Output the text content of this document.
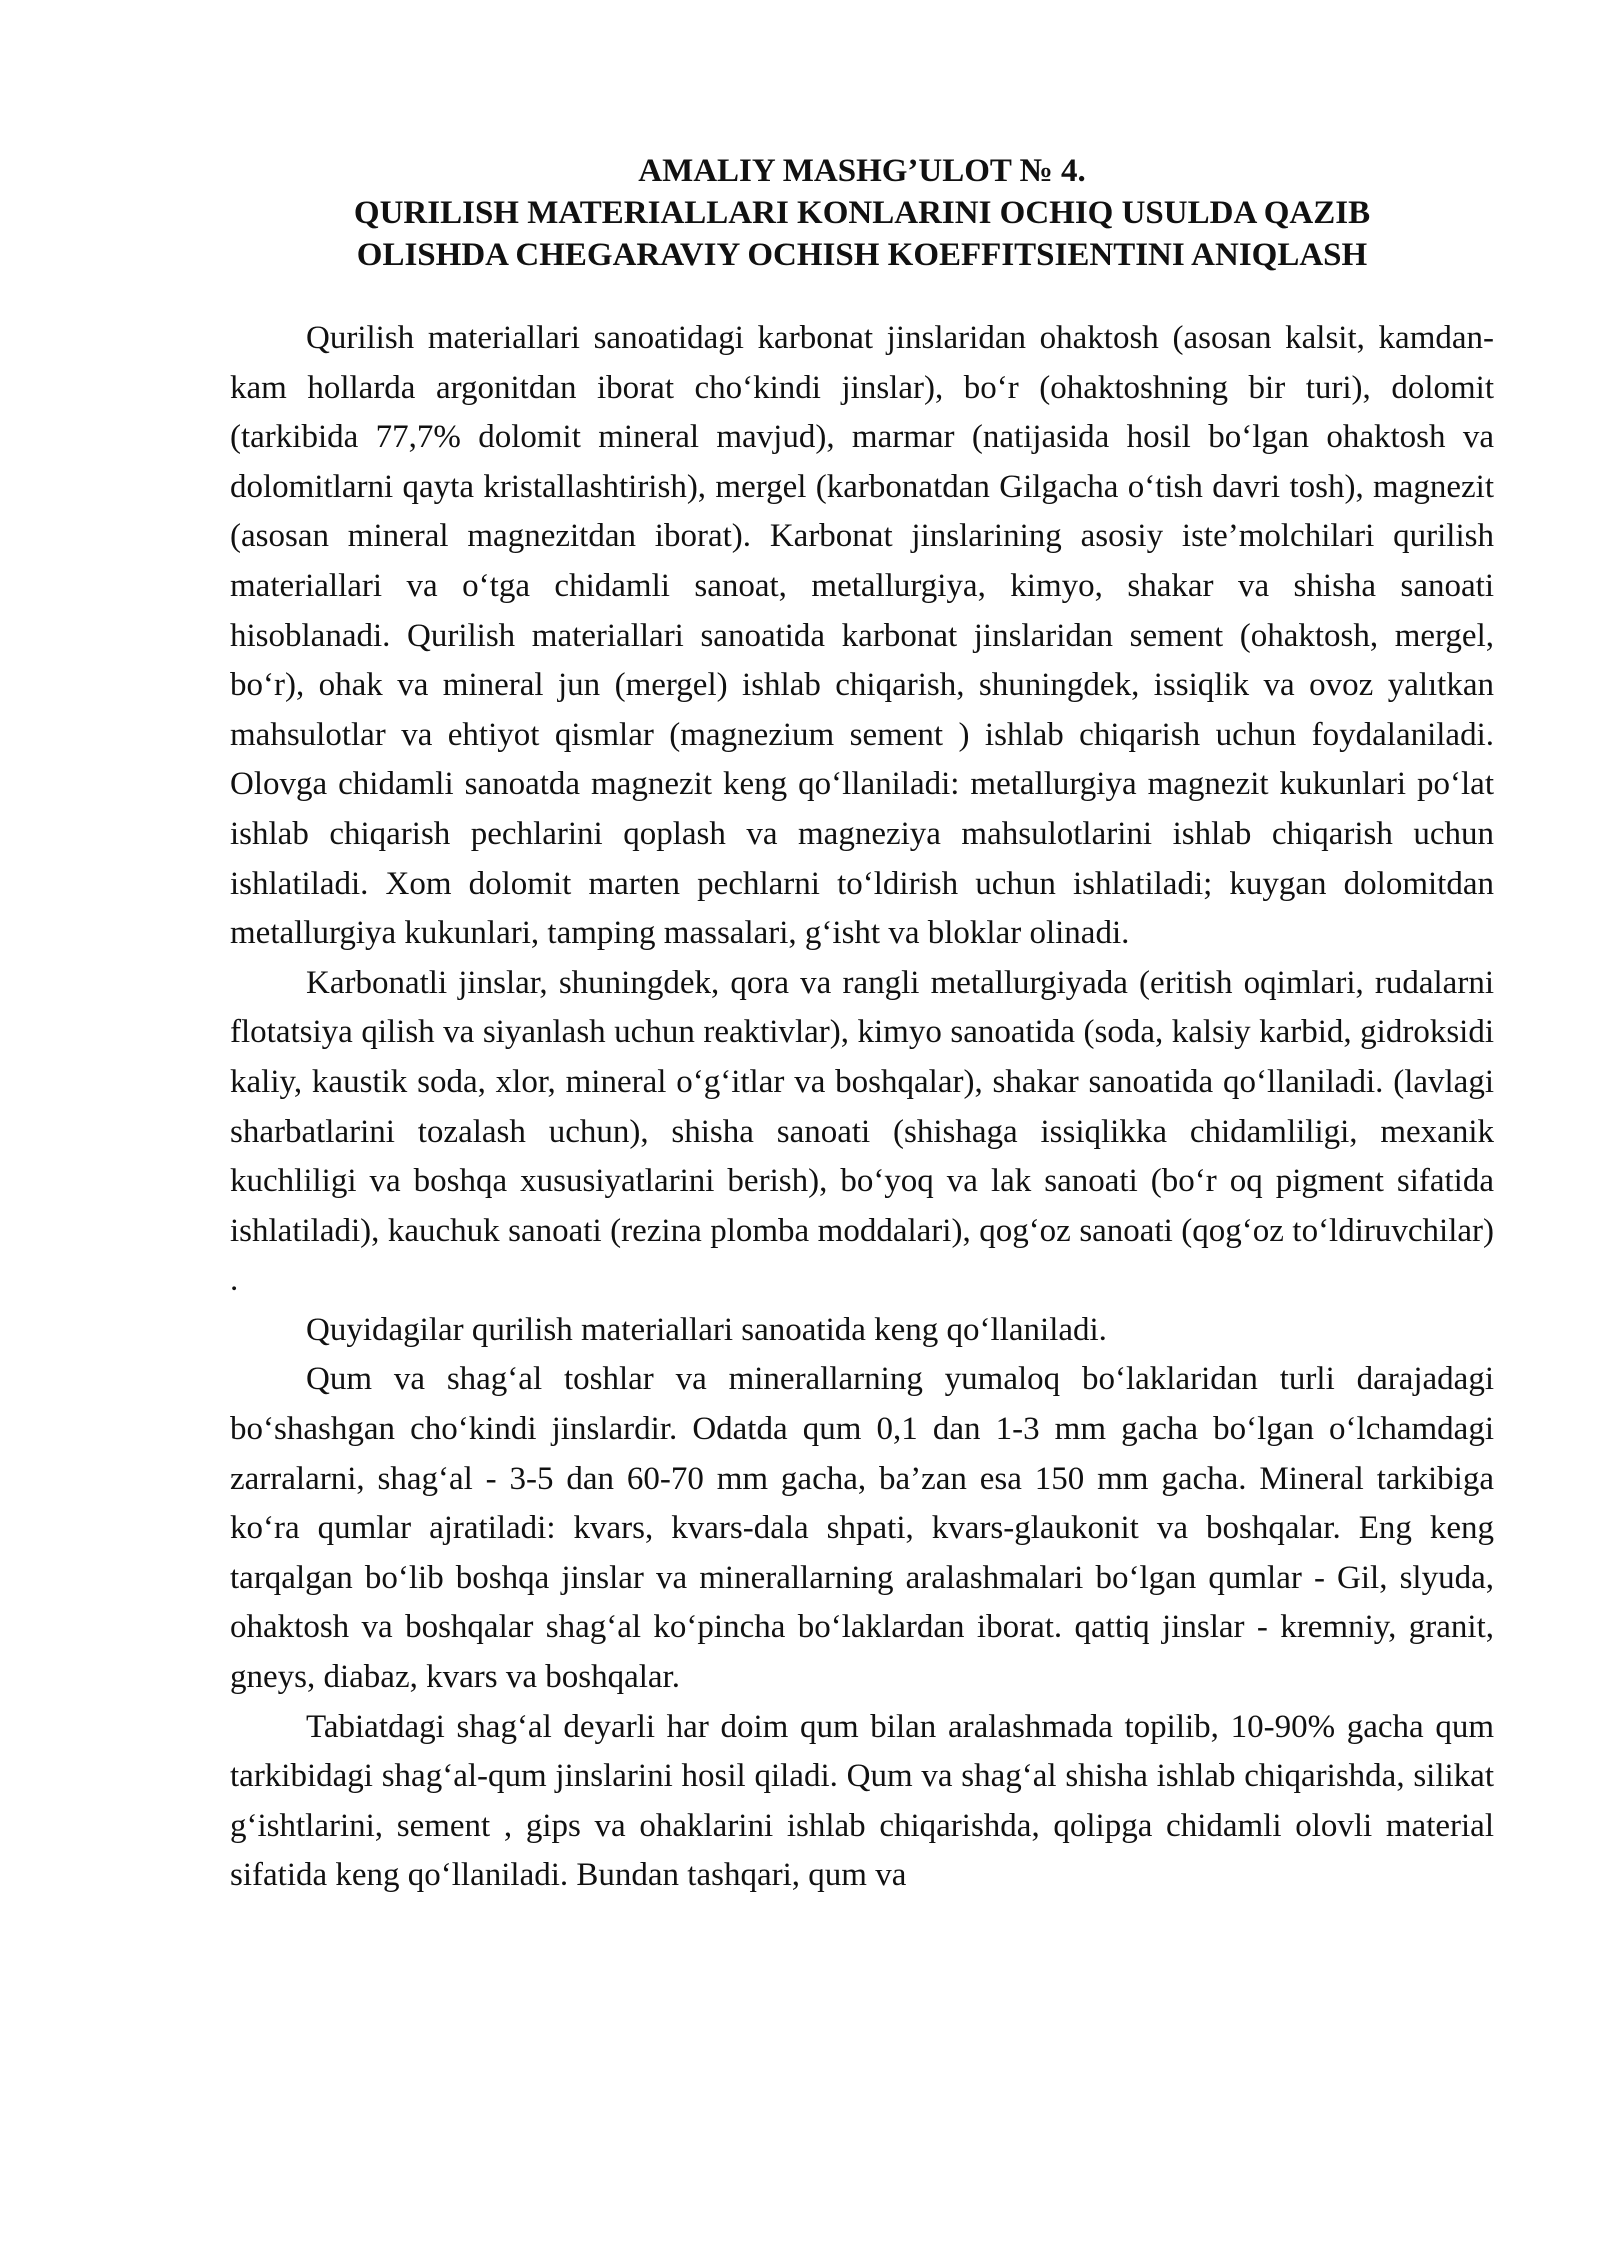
AMALIY MASHG’ULOT № 4.
QURILISH MATERIALLARI KONLARINI OCHIQ USULDA QAZIB
OLISHDA CHEGARAVIY OCHISH KOEFFITSIENTINI ANIQLASH

Qurilish materiallari sanoatidagi karbonat jinslaridan ohaktosh (asosan kalsit, kamdan-kam hollarda argonitdan iborat cho‘kindi jinslar), bo‘r (ohaktoshning bir turi), dolomit (tarkibida 77,7% dolomit mineral mavjud), marmar (natijasida hosil bo‘lgan ohaktosh va dolomitlarni qayta kristallashtirish), mergel (karbonatdan Gilgacha o‘tish davri tosh), magnezit (asosan mineral magnezitdan iborat). Karbonat jinslarining asosiy iste’molchilari qurilish materiallari va o‘tga chidamli sanoat, metallurgiya, kimyo, shakar va shisha sanoati hisoblanadi. Qurilish materiallari sanoatida karbonat jinslaridan sement (ohaktosh, mergel, bo‘r), ohak va mineral jun (mergel) ishlab chiqarish, shuningdek, issiqlik va ovoz yalıtkan mahsulotlar va ehtiyot qismlar (magnezium sement ) ishlab chiqarish uchun foydalaniladi. Olovga chidamli sanoatda magnezit keng qo‘llaniladi: metallurgiya magnezit kukunlari po‘lat ishlab chiqarish pechlarini qoplash va magneziya mahsulotlarini ishlab chiqarish uchun ishlatiladi. Xom dolomit marten pechlarni to‘ldirish uchun ishlatiladi; kuygan dolomitdan metallurgiya kukunlari, tamping massalari, g‘isht va bloklar olinadi.

Karbonatli jinslar, shuningdek, qora va rangli metallurgiyada (eritish oqimlari, rudalarni flotatsiya qilish va siyanlash uchun reaktivlar), kimyo sanoatida (soda, kalsiy karbid, gidroksidi kaliy, kaustik soda, xlor, mineral o‘g‘itlar va boshqalar), shakar sanoatida qo‘llaniladi. (lavlagi sharbatlarini tozalash uchun), shisha sanoati (shishaga issiqlikka chidamliligi, mexanik kuchliligi va boshqa xususiyatlarini berish), bo‘yoq va lak sanoati (bo‘r oq pigment sifatida ishlatiladi), kauchuk sanoati (rezina plomba moddalari), qog‘oz sanoati (qog‘oz to‘ldiruvchilar) .

Quyidagilar qurilish materiallari sanoatida keng qo‘llaniladi.

Qum va shag‘al toshlar va minerallarning yumaloq bo‘laklaridan turli darajadagi bo‘shashgan cho‘kindi jinslardir. Odatda qum 0,1 dan 1-3 mm gacha bo‘lgan o‘lchamdagi zarralarni, shag‘al - 3-5 dan 60-70 mm gacha, ba’zan esa 150 mm gacha. Mineral tarkibiga ko‘ra qumlar ajratiladi: kvars, kvars-dala shpati, kvars-glaukonit va boshqalar. Eng keng tarqalgan bo‘lib boshqa jinslar va minerallarning aralashmalari bo‘lgan qumlar - Gil, slyuda, ohaktosh va boshqalar shag‘al ko‘pincha bo‘laklardan iborat. qattiq jinslar - kremniy, granit, gneys, diabaz, kvars va boshqalar.

Tabiatdagi shag‘al deyarli har doim qum bilan aralashmada topilib, 10-90% gacha qum tarkibidagi shag‘al-qum jinslarini hosil qiladi. Qum va shag‘al shisha ishlab chiqarishda, silikat g‘ishtlarini, sement , gips va ohaklarini ishlab chiqarishda, qolipga chidamli olovli material sifatida keng qo‘llaniladi. Bundan tashqari, qum va
